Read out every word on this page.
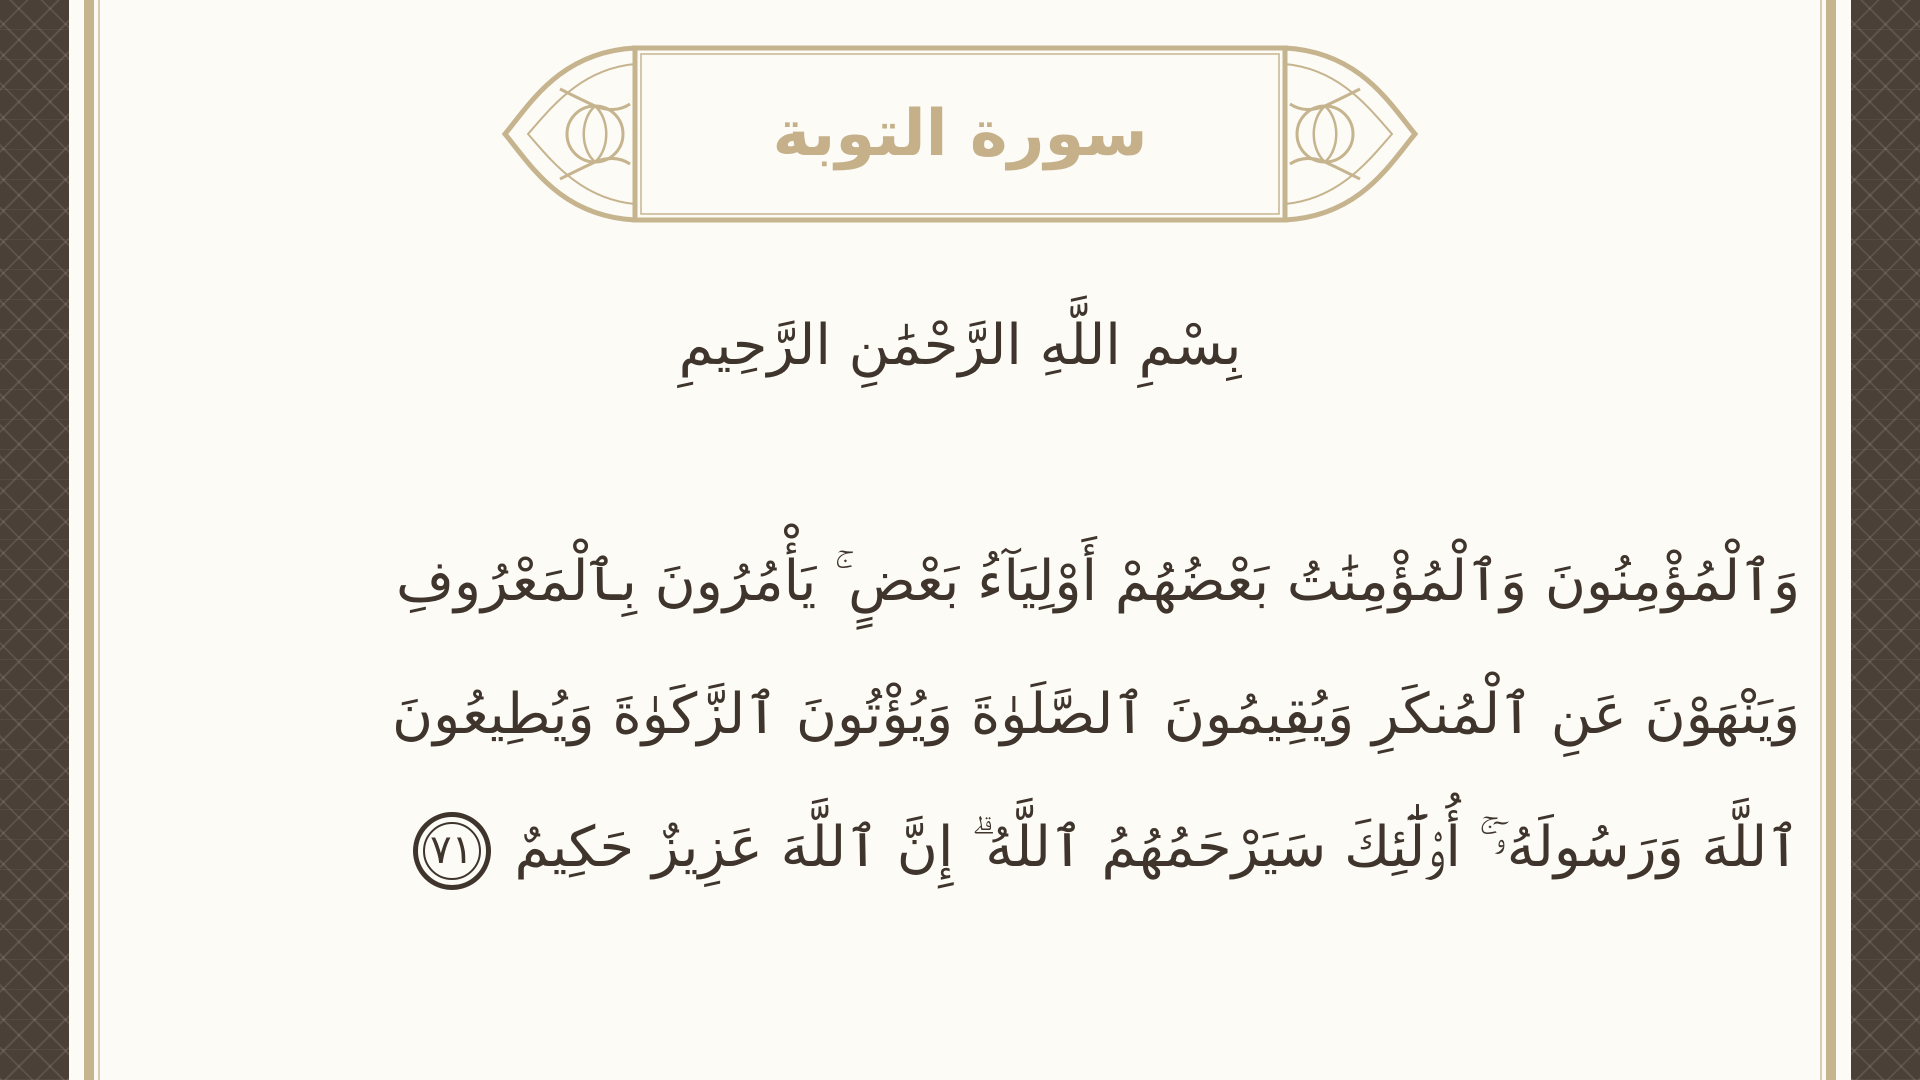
سورة التوبة
بِسْمِ اللَّهِ الرَّحْمَٰنِ الرَّحِيمِ
وَٱلْمُؤْمِنُونَ وَٱلْمُؤْمِنَٰتُ بَعْضُهُمْ أَوْلِيَآءُ بَعْضٍ ۚ يَأْمُرُونَ بِٱلْمَعْرُوفِ
وَيَنْهَوْنَ عَنِ ٱلْمُنكَرِ وَيُقِيمُونَ ٱلصَّلَوٰةَ وَيُؤْتُونَ ٱلزَّكَوٰةَ وَيُطِيعُونَ
ٱللَّهَ وَرَسُولَهُۥٓ ۚ أُو۟لَٰٓئِكَ سَيَرْحَمُهُمُ ٱللَّهُ ۗ إِنَّ ٱللَّهَ عَزِيزٌ حَكِيمٌ
٧١
